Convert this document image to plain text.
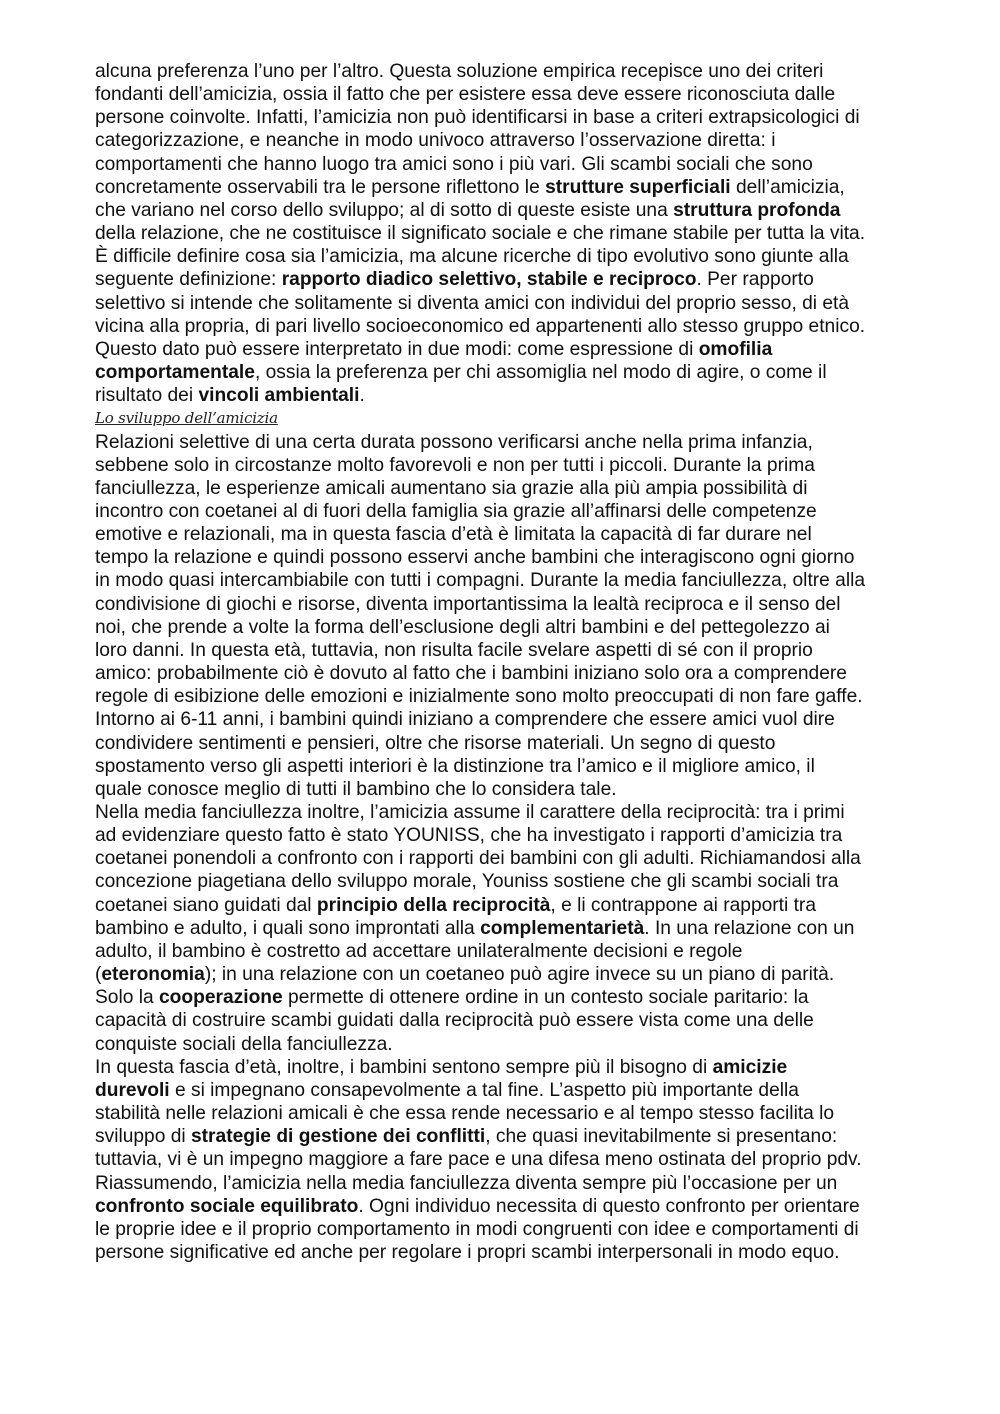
alcuna preferenza l’uno per l’altro. Questa soluzione empirica recepisce uno dei criteri
fondanti dell’amicizia, ossia il fatto che per esistere essa deve essere riconosciuta dalle
persone coinvolte. Infatti, l’amicizia non può identificarsi in base a criteri extrapsicologici di
categorizzazione, e neanche in modo univoco attraverso l’osservazione diretta: i
comportamenti che hanno luogo tra amici sono i più vari. Gli scambi sociali che sono
concretamente osservabili tra le persone riflettono le strutture superficiali dell’amicizia,
che variano nel corso dello sviluppo; al di sotto di queste esiste una struttura profonda
della relazione, che ne costituisce il significato sociale e che rimane stabile per tutta la vita.
È difficile definire cosa sia l’amicizia, ma alcune ricerche di tipo evolutivo sono giunte alla
seguente definizione: rapporto diadico selettivo, stabile e reciproco. Per rapporto
selettivo si intende che solitamente si diventa amici con individui del proprio sesso, di età
vicina alla propria, di pari livello socioeconomico ed appartenenti allo stesso gruppo etnico.
Questo dato può essere interpretato in due modi: come espressione di omofilia
comportamentale, ossia la preferenza per chi assomiglia nel modo di agire, o come il
risultato dei vincoli ambientali.
Lo sviluppo dell’amicizia
Relazioni selettive di una certa durata possono verificarsi anche nella prima infanzia,
sebbene solo in circostanze molto favorevoli e non per tutti i piccoli. Durante la prima
fanciullezza, le esperienze amicali aumentano sia grazie alla più ampia possibilità di
incontro con coetanei al di fuori della famiglia sia grazie all’affinarsi delle competenze
emotive e relazionali, ma in questa fascia d’età è limitata la capacità di far durare nel
tempo la relazione e quindi possono esservi anche bambini che interagiscono ogni giorno
in modo quasi intercambiabile con tutti i compagni. Durante la media fanciullezza, oltre alla
condivisione di giochi e risorse, diventa importantissima la lealtà reciproca e il senso del
noi, che prende a volte la forma dell’esclusione degli altri bambini e del pettegolezzo ai
loro danni. In questa età, tuttavia, non risulta facile svelare aspetti di sé con il proprio
amico: probabilmente ciò è dovuto al fatto che i bambini iniziano solo ora a comprendere
regole di esibizione delle emozioni e inizialmente sono molto preoccupati di non fare gaffe.
Intorno ai 6-11 anni, i bambini quindi iniziano a comprendere che essere amici vuol dire
condividere sentimenti e pensieri, oltre che risorse materiali. Un segno di questo
spostamento verso gli aspetti interiori è la distinzione tra l’amico e il migliore amico, il
quale conosce meglio di tutti il bambino che lo considera tale.
Nella media fanciullezza inoltre, l’amicizia assume il carattere della reciprocità: tra i primi
ad evidenziare questo fatto è stato YOUNISS, che ha investigato i rapporti d’amicizia tra
coetanei ponendoli a confronto con i rapporti dei bambini con gli adulti. Richiamandosi alla
concezione piagetiana dello sviluppo morale, Youniss sostiene che gli scambi sociali tra
coetanei siano guidati dal principio della reciprocità, e li contrappone ai rapporti tra
bambino e adulto, i quali sono improntati alla complementarietà. In una relazione con un
adulto, il bambino è costretto ad accettare unilateralmente decisioni e regole
(eteronomia); in una relazione con un coetaneo può agire invece su un piano di parità.
Solo la cooperazione permette di ottenere ordine in un contesto sociale paritario: la
capacità di costruire scambi guidati dalla reciprocità può essere vista come una delle
conquiste sociali della fanciullezza.
In questa fascia d’età, inoltre, i bambini sentono sempre più il bisogno di amicizie
durevoli e si impegnano consapevolmente a tal fine. L’aspetto più importante della
stabilità nelle relazioni amicali è che essa rende necessario e al tempo stesso facilita lo
sviluppo di strategie di gestione dei conflitti, che quasi inevitabilmente si presentano:
tuttavia, vi è un impegno maggiore a fare pace e una difesa meno ostinata del proprio pdv.
Riassumendo, l’amicizia nella media fanciullezza diventa sempre più l’occasione per un
confronto sociale equilibrato. Ogni individuo necessita di questo confronto per orientare
le proprie idee e il proprio comportamento in modi congruenti con idee e comportamenti di
persone significative ed anche per regolare i propri scambi interpersonali in modo equo.
